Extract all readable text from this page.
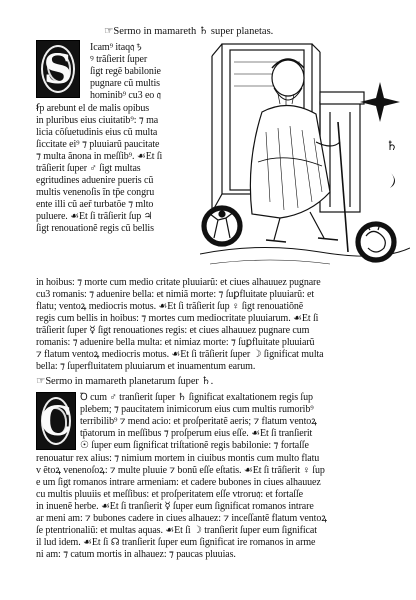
☞Sermo in mamareth ♄ super planetas.
S
♄
Icam⁹ itaq𝔮 ♄
ꝰ trãſierit ſuper
ſigt regẽ babilonie
pugnare cũ multis
hominib⁹ cu3 eo 𝔮
ẜp arebunt el de malis opibus
in pluribus eius ciuitatib⁹: ⁊ ma
licia cõſuetudinis eius cũ multa
ſiccitate ei⁹ ⁊ pluuiarũ paucitate
⁊ multa ãnona in meſſib⁹. ☙Et ſi
trãſierit ſuper ♂ ſigt multas
egritudines aduenire pueris cũ
multis venenoſis ĩn tp̃e congru
ente illi cũ aer̃ turbatõe ⁊ mlto
puluere. ☙Et ſi trãſierit ſup ♃
ſigt renouationẽ regis cũ bellis
in hoibus: ⁊ morte cum medio critate pluuiarũ: et ciues alhauuez pugnare
cu3 romanis: ⁊ aduenire bella: et nimiã morte: ⁊ ſuꝑfluitate pluuiarũ: et
flatu; ventoꝝ mediocris motus. ☙Et ſi trãſierit ſup ♀ ſigt renouatiõnẽ
regis cum bellis in hoibus: ⁊ mortes cum mediocritate pluuiarum. ☙Et ſi
trãſierit ſuper ☿ ſigt renouationes regis: et ciues alhauuez pugnare cum
romanis: ⁊ aduenire bella multa: et nimiaz morte: ⁊ ſuꝑfluitate pluuiarũ
⁊ flatum ventoꝝ mediocris motus. ☙Et ſi trãſierit ſuper ☽ ſignificat multa
bella: ⁊ ſuperfluitatem pluuiarum et inuamentum earum.
☞Sermo in mamareth planetarum ſuper ♄.
C Ꝺ cum ♂ tranſierit ſuper ♄ ſignificat exaltationem regis ſup
plebem; ⁊ paucitatem inimicorum eius cum multis rumorib⁹
terribilib⁹ ⁊ mend acio: et proſperitatẽ aeris; ⁊ flatum ventoꝝ
tp̃atorum in meſſibus ⁊ proſperum eius eſſe. ☙Et ſi tranſierit
☉ ſuper eum ſignificat triſtationẽ regis babilonie: ⁊ fortaſſe
renouatur rex alius: ⁊ nimium mortem in ciuibus montis cum multo flatu
v ẽtoꝝ venenoſoꝝ: ⁊ multe pluuie ⁊ bonũ eſſe eſtatis. ☙Et ſi trãſierit ♀ ſup
e um ſigt romanos intrare armeniam: et cadere bubones in ciues alhauuez
cu multis pluuiis et meſſibus: et proſperitatem eſſe vtroru𝔮: et fortaſſe
in inuenẽ herbe. ☙Et ſi tranſierit ☿ ſuper eum ſignificat romanos intrare
ar meni am: ⁊ bubones cadere in ciues alhauez: ⁊ inceſſantẽ flatum ventoꝝ
ſe ptentrionaliũ: et multas aquas. ☙Et ſi ☽ tranſierit ſuper eum ſignificat
il lud idem. ☙Et ſi ☊ tranſierit ſuper eum ſignificat ire romanos in arme
ni am: ⁊ catum mortis in alhauez: ⁊ paucas pluuias.
